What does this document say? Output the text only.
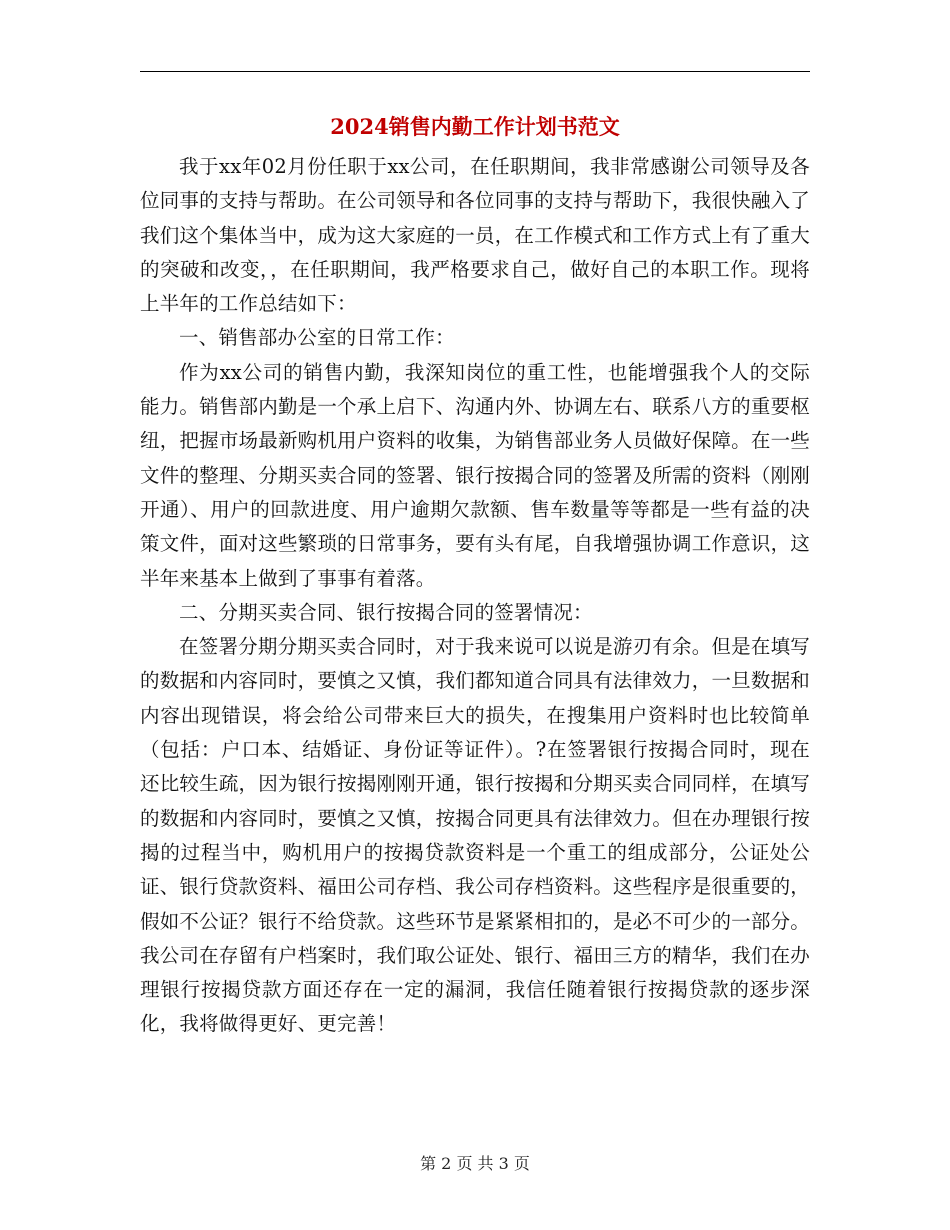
2024销售内勤工作计划书范文

我于xx年02月份任职于xx公司，在任职期间，我非常感谢公司领导及各位同事的支持与帮助。在公司领导和各位同事的支持与帮助下，我很快融入了我们这个集体当中，成为这大家庭的一员，在工作模式和工作方式上有了重大的突破和改变，，在任职期间，我严格要求自己，做好自己的本职工作。现将上半年的工作总结如下：

一、销售部办公室的日常工作：

作为xx公司的销售内勤，我深知岗位的重工性，也能增强我个人的交际能力。销售部内勤是一个承上启下、沟通内外、协调左右、联系八方的重要枢纽，把握市场最新购机用户资料的收集，为销售部业务人员做好保障。在一些文件的整理、分期买卖合同的签署、银行按揭合同的签署及所需的资料（刚刚开通）、用户的回款进度、用户逾期欠款额、售车数量等等都是一些有益的决策文件，面对这些繁琐的日常事务，要有头有尾，自我增强协调工作意识，这半年来基本上做到了事事有着落。

二、分期买卖合同、银行按揭合同的签署情况：

在签署分期分期买卖合同时，对于我来说可以说是游刃有余。但是在填写的数据和内容同时，要慎之又慎，我们都知道合同具有法律效力，一旦数据和内容出现错误，将会给公司带来巨大的损失，在搜集用户资料时也比较简单（包括：户口本、结婚证、身份证等证件）。?在签署银行按揭合同时，现在还比较生疏，因为银行按揭刚刚开通，银行按揭和分期买卖合同同样，在填写的数据和内容同时，要慎之又慎，按揭合同更具有法律效力。但在办理银行按揭的过程当中，购机用户的按揭贷款资料是一个重工的组成部分，公证处公证、银行贷款资料、福田公司存档、我公司存档资料。这些程序是很重要的，假如不公证？银行不给贷款。这些环节是紧紧相扣的，是必不可少的一部分。我公司在存留有户档案时，我们取公证处、银行、福田三方的精华，我们在办理银行按揭贷款方面还存在一定的漏洞，我信任随着银行按揭贷款的逐步深化，我将做得更好、更完善！

第 2 页 共 3 页
